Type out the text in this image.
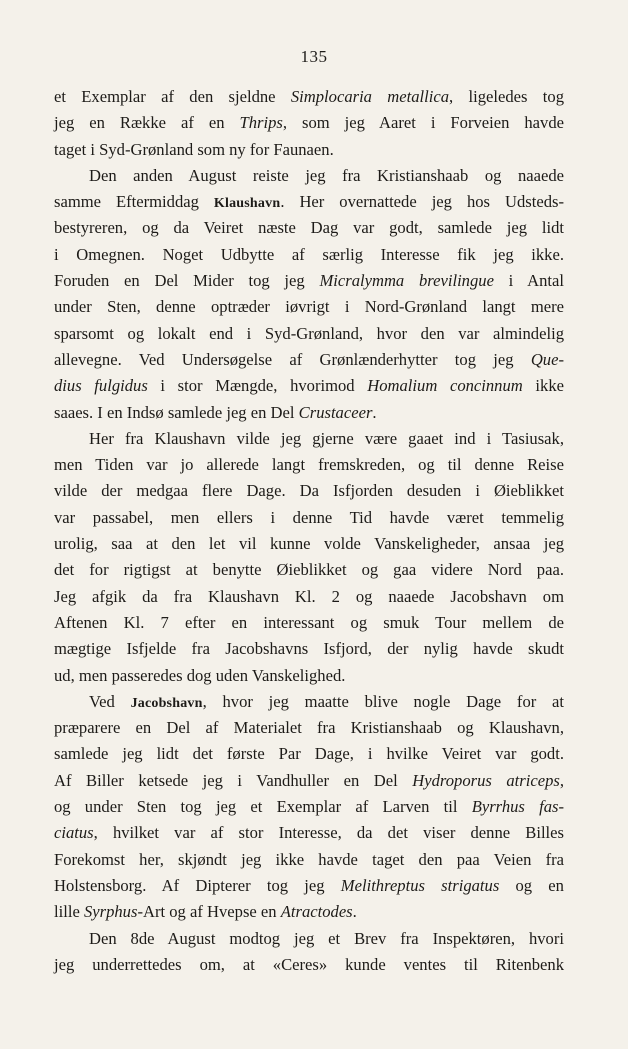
135
et Exemplar af den sjeldne Simplocaria metallica, ligeledes tog
jeg en Række af en Thrips, som jeg Aaret i Forveien havde
taget i Syd-Grønland som ny for Faunaen.
Den anden August reiste jeg fra Kristianshaab og naaede
samme Eftermiddag Klaushavn. Her overnattede jeg hos Udsteds-
bestyreren, og da Veiret næste Dag var godt, samlede jeg lidt
i Omegnen. Noget Udbytte af særlig Interesse fik jeg ikke.
Foruden en Del Mider tog jeg Micralymma brevilingue i Antal
under Sten, denne optræder iøvrigt i Nord-Grønland langt mere
sparsomt og lokalt end i Syd-Grønland, hvor den var almindelig
allevegne. Ved Undersøgelse af Grønlænderhytter tog jeg Que-
dius fulgidus i stor Mængde, hvorimod Homalium concinnum ikke
saaes. I en Indsø samlede jeg en Del Crustaceer.
Her fra Klaushavn vilde jeg gjerne være gaaet ind i Tasiusak,
men Tiden var jo allerede langt fremskreden, og til denne Reise
vilde der medgaa flere Dage. Da Isfjorden desuden i Øieblikket
var passabel, men ellers i denne Tid havde været temmelig
urolig, saa at den let vil kunne volde Vanskeligheder, ansaa jeg
det for rigtigst at benytte Øieblikket og gaa videre Nord paa.
Jeg afgik da fra Klaushavn Kl. 2 og naaede Jacobshavn om
Aftenen Kl. 7 efter en interessant og smuk Tour mellem de
mægtige Isfjelde fra Jacobshavns Isfjord, der nylig havde skudt
ud, men passeredes dog uden Vanskelighed.
Ved Jacobshavn, hvor jeg maatte blive nogle Dage for at
præparere en Del af Materialet fra Kristianshaab og Klaushavn,
samlede jeg lidt det første Par Dage, i hvilke Veiret var godt.
Af Biller ketsede jeg i Vandhuller en Del Hydroporus atriceps,
og under Sten tog jeg et Exemplar af Larven til Byrrhus fas-
ciatus, hvilket var af stor Interesse, da det viser denne Billes
Forekomst her, skjøndt jeg ikke havde taget den paa Veien fra
Holstensborg. Af Dipterer tog jeg Melithreptus strigatus og en
lille Syrphus-Art og af Hvepse en Atractodes.
Den 8de August modtog jeg et Brev fra Inspektøren, hvori
jeg underrettedes om, at «Ceres» kunde ventes til Ritenbenk
